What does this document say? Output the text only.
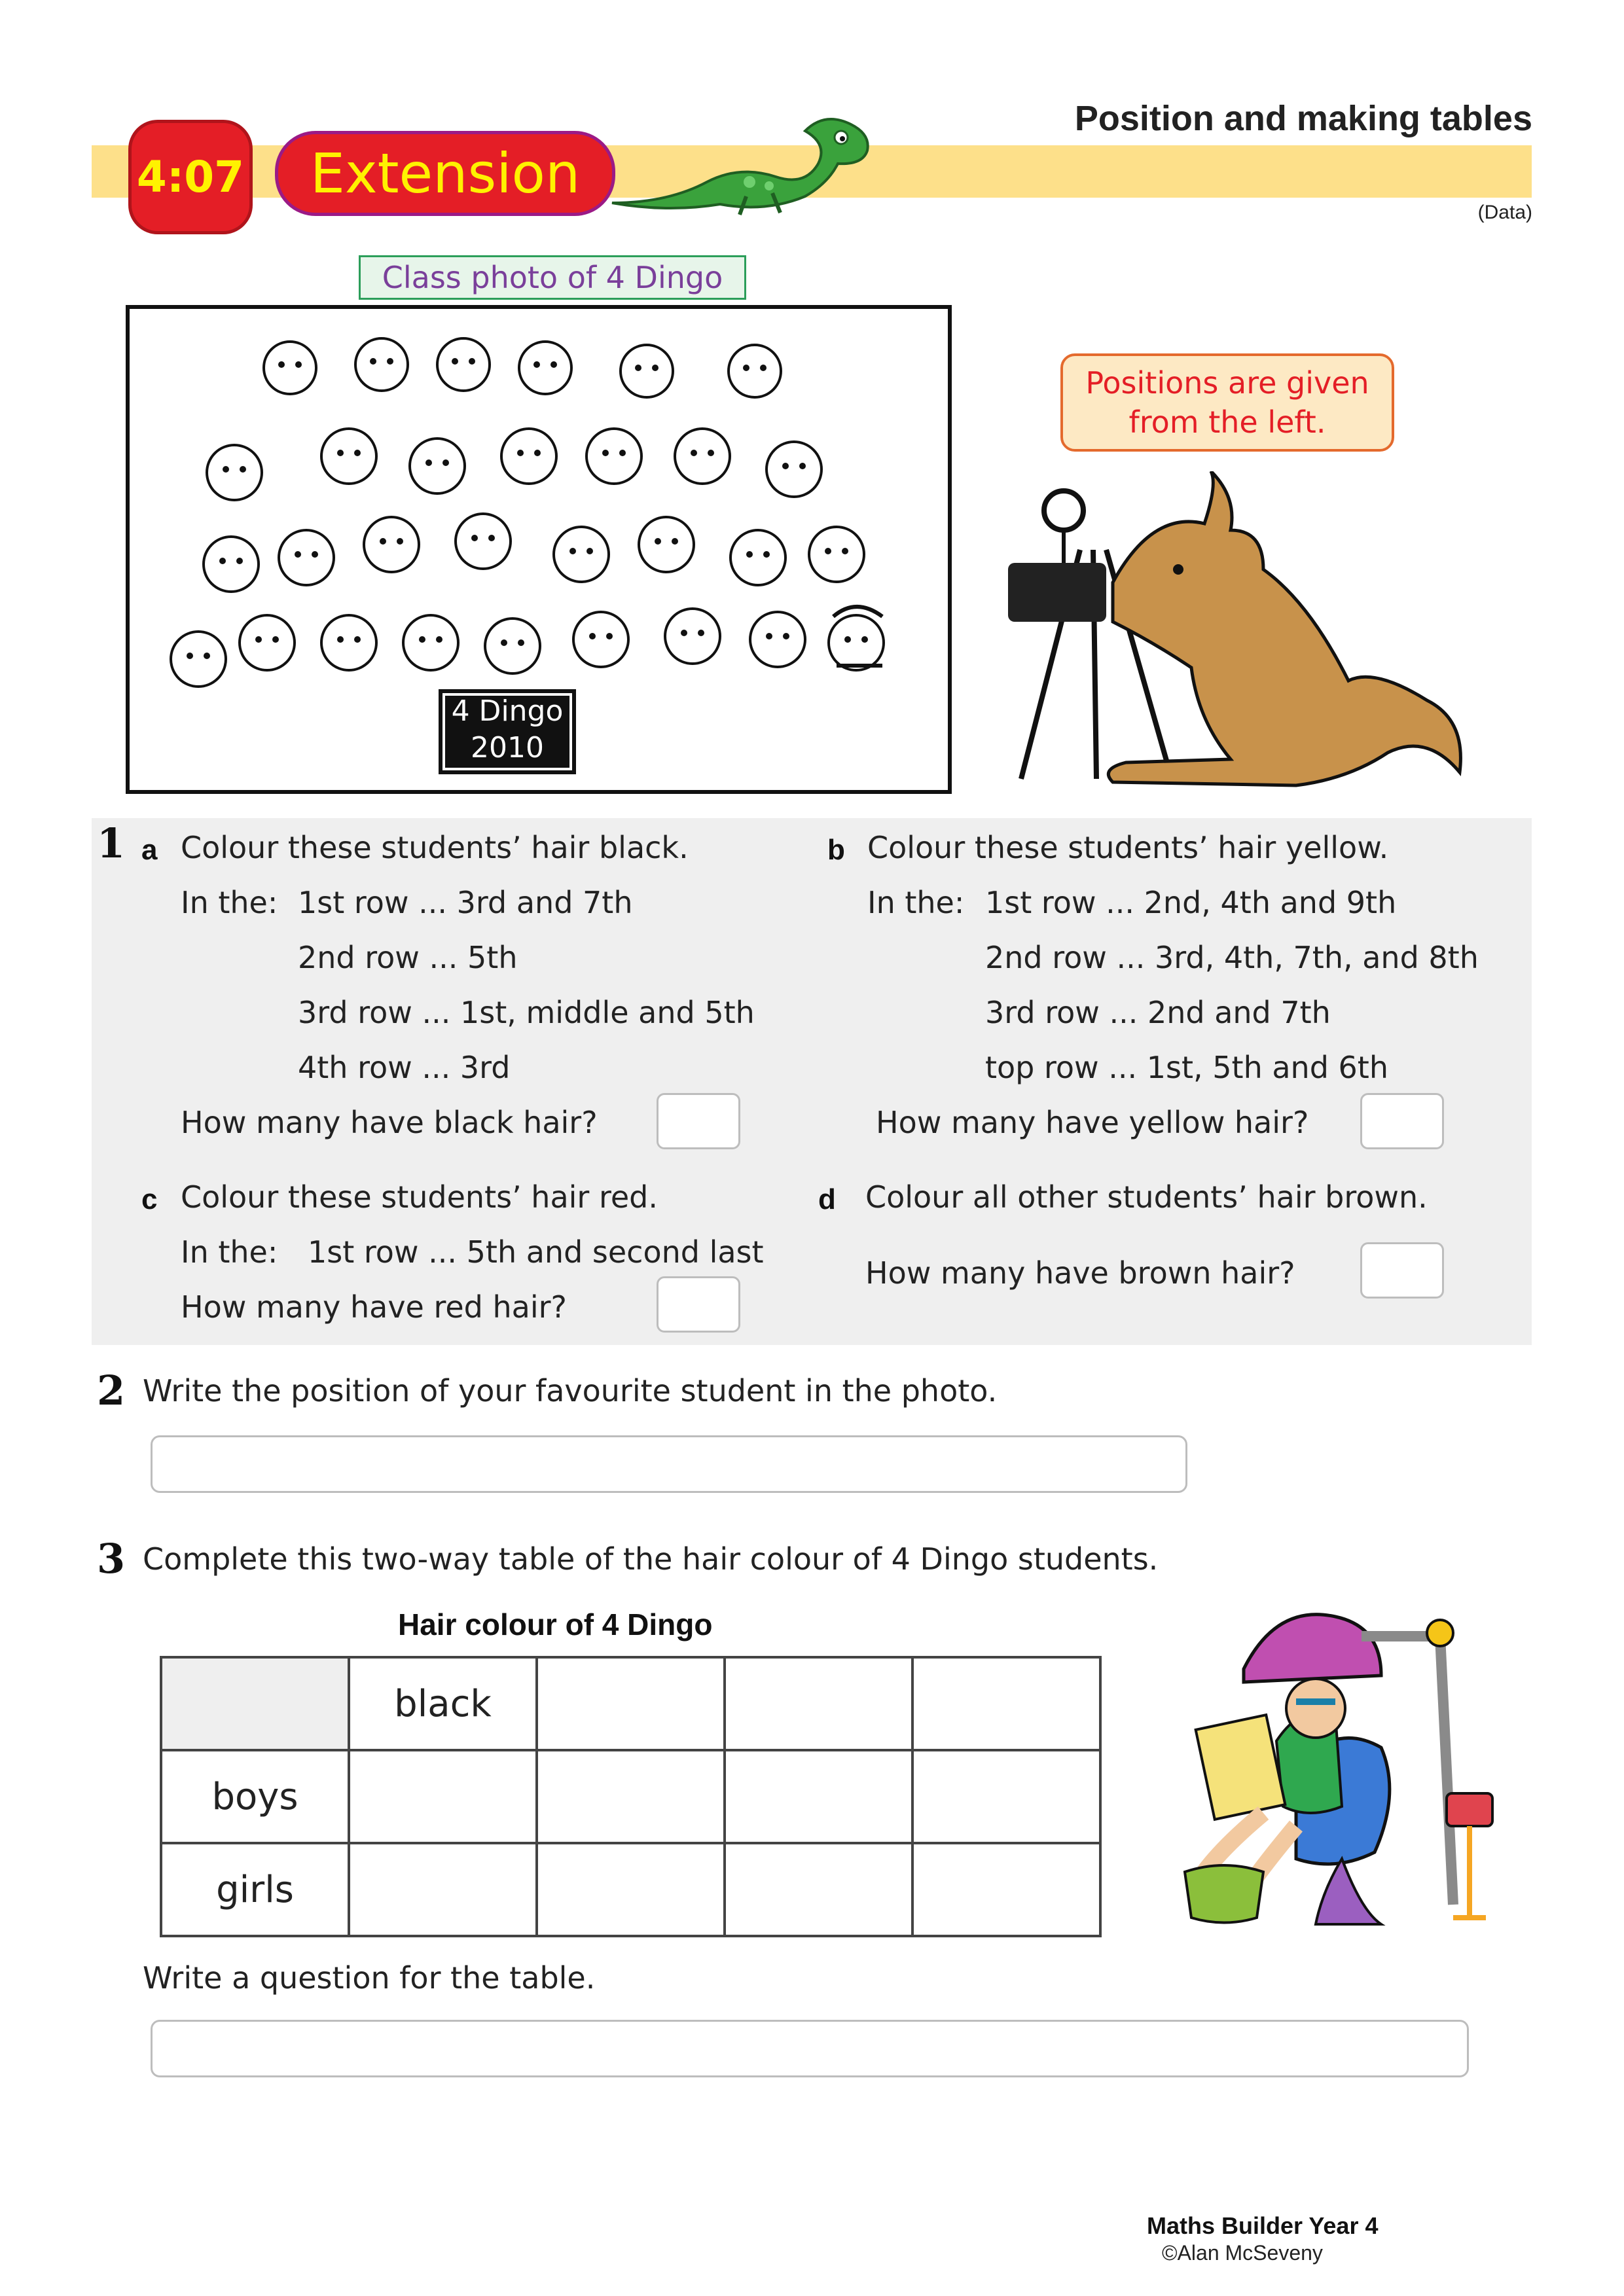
4:07	Extension
Position and making tables
(Data)
Class photo of 4 Dingo
4 Dingo
2010
Positions are given
from the left.
1 a Colour these students’ hair black.
In the: 1st row ... 3rd and 7th
2nd row ... 5th
3rd row ... 1st, middle and 5th
4th row ... 3rd
How many have black hair?
b Colour these students’ hair yellow.
In the: 1st row ... 2nd, 4th and 9th
2nd row ... 3rd, 4th, 7th, and 8th
3rd row ... 2nd and 7th
top row ... 1st, 5th and 6th
How many have yellow hair?
c Colour these students’ hair red.
In the: 1st row ... 5th and second last
How many have red hair?
d Colour all other students’ hair brown.
How many have brown hair?
2 Write the position of your favourite student in the photo.
3 Complete this two-way table of the hair colour of 4 Dingo students.
Hair colour of 4 Dingo
	black			
boys				
girls				
Write a question for the table.
Maths Builder Year 4
©Alan McSeveny
